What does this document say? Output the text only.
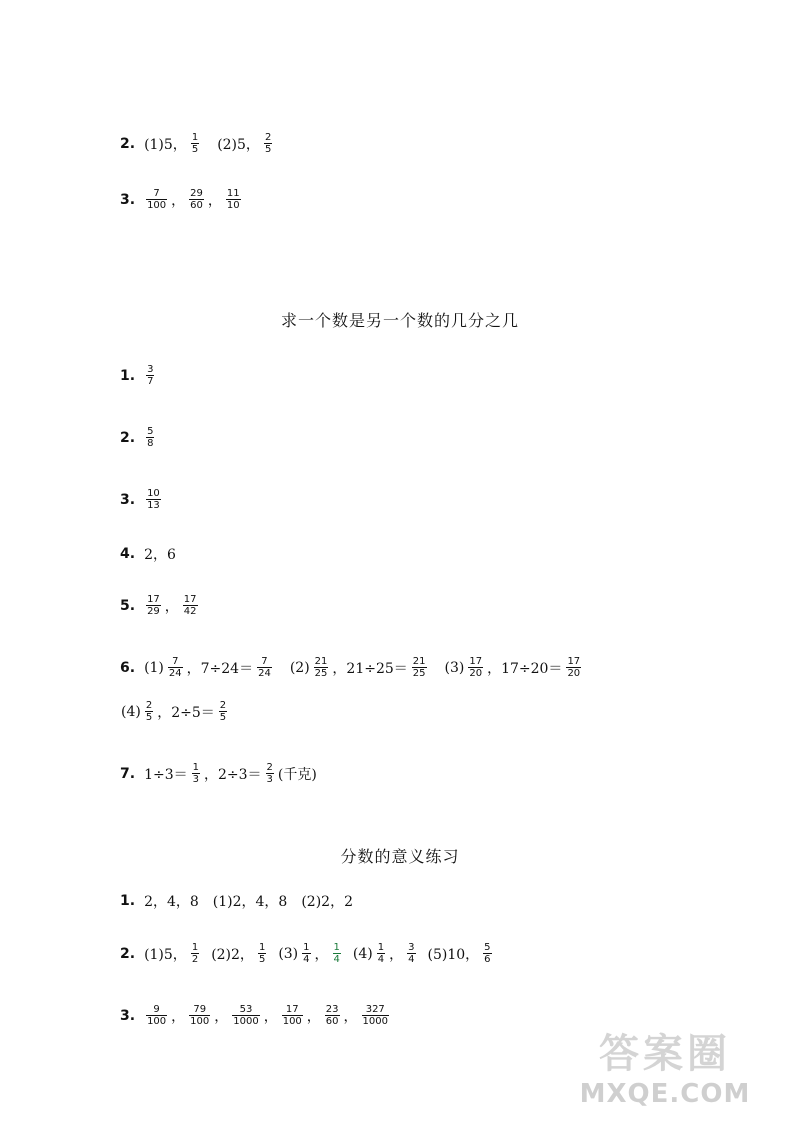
2. (1)5， $\frac{1}{5} (2)5$， $\frac{2}{5}$
3. $\frac{7}{100}$ ， $\frac{29}{60}$ ， $\frac{11}{10}$
求一个数是另一个数的几分之几
1. $\frac{3}{7}$
2. $\frac{5}{8}$
3. $\frac{10}{13}$
4. 2，6
5. $\frac{17}{29}$ ， $\frac{17}{42}$
6. $(1) \frac{7}{24}$ ，$7\div 24= \frac{7}{24} (2) \frac{21}{25}$ ，$21\div 25= \frac{21}{25} (3) \frac{17}{20}$ ，$17\div 20= \frac{17}{20}$
$(4) \frac{2}{5}$ ，$2\div 5= \frac{2}{5}$
7. $1\div 3= \frac{1}{3}$ ，$2\div 3= \frac{2}{3}$ (千克)
分数的意义练习
1. 2，4，8　(1)2，4，8　(2)2，2
2. (1)5， $\frac{1}{2} (2)2$， $\frac{1}{5} (3) \frac{1}{4}$ ， $\frac{1}{4} (4) \frac{1}{4}$ ， $\frac{3}{4} (5)10$， $\frac{5}{6}$
3. $\frac{9}{100}$ ， $\frac{79}{100}$ ， $\frac{53}{1000}$ ， $\frac{17}{100}$ ， $\frac{23}{60}$ ， $\frac{327}{1000}$
答案圈
MXQE.COM
